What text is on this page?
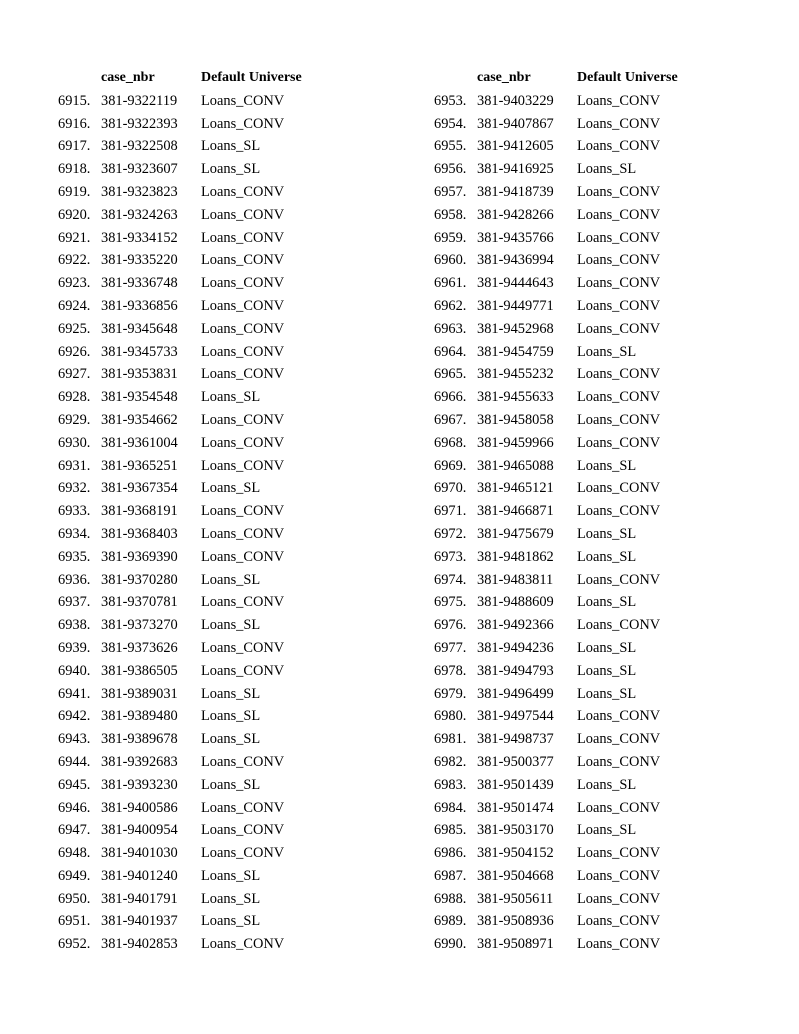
case_nbr	Default Universe
6915. 381-9322119 Loans_CONV
6916. 381-9322393 Loans_CONV
6917. 381-9322508 Loans_SL
6918. 381-9323607 Loans_SL
6919. 381-9323823 Loans_CONV
6920. 381-9324263 Loans_CONV
6921. 381-9334152 Loans_CONV
6922. 381-9335220 Loans_CONV
6923. 381-9336748 Loans_CONV
6924. 381-9336856 Loans_CONV
6925. 381-9345648 Loans_CONV
6926. 381-9345733 Loans_CONV
6927. 381-9353831 Loans_CONV
6928. 381-9354548 Loans_SL
6929. 381-9354662 Loans_CONV
6930. 381-9361004 Loans_CONV
6931. 381-9365251 Loans_CONV
6932. 381-9367354 Loans_SL
6933. 381-9368191 Loans_CONV
6934. 381-9368403 Loans_CONV
6935. 381-9369390 Loans_CONV
6936. 381-9370280 Loans_SL
6937. 381-9370781 Loans_CONV
6938. 381-9373270 Loans_SL
6939. 381-9373626 Loans_CONV
6940. 381-9386505 Loans_CONV
6941. 381-9389031 Loans_SL
6942. 381-9389480 Loans_SL
6943. 381-9389678 Loans_SL
6944. 381-9392683 Loans_CONV
6945. 381-9393230 Loans_SL
6946. 381-9400586 Loans_CONV
6947. 381-9400954 Loans_CONV
6948. 381-9401030 Loans_CONV
6949. 381-9401240 Loans_SL
6950. 381-9401791 Loans_SL
6951. 381-9401937 Loans_SL
6952. 381-9402853 Loans_CONV
case_nbr	Default Universe
6953. 381-9403229 Loans_CONV
6954. 381-9407867 Loans_CONV
6955. 381-9412605 Loans_CONV
6956. 381-9416925 Loans_SL
6957. 381-9418739 Loans_CONV
6958. 381-9428266 Loans_CONV
6959. 381-9435766 Loans_CONV
6960. 381-9436994 Loans_CONV
6961. 381-9444643 Loans_CONV
6962. 381-9449771 Loans_CONV
6963. 381-9452968 Loans_CONV
6964. 381-9454759 Loans_SL
6965. 381-9455232 Loans_CONV
6966. 381-9455633 Loans_CONV
6967. 381-9458058 Loans_CONV
6968. 381-9459966 Loans_CONV
6969. 381-9465088 Loans_SL
6970. 381-9465121 Loans_CONV
6971. 381-9466871 Loans_CONV
6972. 381-9475679 Loans_SL
6973. 381-9481862 Loans_SL
6974. 381-9483811 Loans_CONV
6975. 381-9488609 Loans_SL
6976. 381-9492366 Loans_CONV
6977. 381-9494236 Loans_SL
6978. 381-9494793 Loans_SL
6979. 381-9496499 Loans_SL
6980. 381-9497544 Loans_CONV
6981. 381-9498737 Loans_CONV
6982. 381-9500377 Loans_CONV
6983. 381-9501439 Loans_SL
6984. 381-9501474 Loans_CONV
6985. 381-9503170 Loans_SL
6986. 381-9504152 Loans_CONV
6987. 381-9504668 Loans_CONV
6988. 381-9505611 Loans_CONV
6989. 381-9508936 Loans_CONV
6990. 381-9508971 Loans_CONV
